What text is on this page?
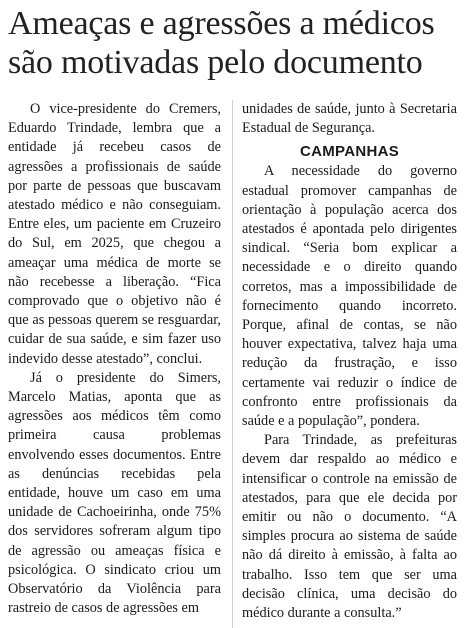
Ameaças e agressões a médicos
são motivadas pelo documento

O vice-presidente do Cremers, Eduardo Trindade, lembra que a entidade já recebeu casos de agressões a profissionais de saúde por parte de pessoas que buscavam atestado médico e não conseguiam. Entre eles, um paciente em Cruzeiro do Sul, em 2025, que chegou a ameaçar uma médica de morte se não recebesse a liberação. “Fica comprovado que o objetivo não é que as pessoas querem se resguardar, cuidar de sua saúde, e sim fazer uso indevido desse atestado”, conclui.

Já o presidente do Simers, Marcelo Matias, aponta que as agressões aos médicos têm como primeira causa problemas envolvendo esses documentos. Entre as denúncias recebidas pela entidade, houve um caso em uma unidade de Cachoeirinha, onde 75% dos servidores sofreram algum tipo de agressão ou ameaças física e psicológica. O sindicato criou um Observatório da Violência para rastreio de casos de agressões em

unidades de saúde, junto à Secretaria Estadual de Segurança.

CAMPANHAS

A necessidade do governo estadual promover campanhas de orientação à população acerca dos atestados é apontada pelo dirigentes sindical. “Seria bom explicar a necessidade e o direito quando corretos, mas a impossibilidade de fornecimento quando incorreto. Porque, afinal de contas, se não houver expectativa, talvez haja uma redução da frustração, e isso certamente vai reduzir o índice de confronto entre profissionais da saúde e a população”, pondera.

Para Trindade, as prefeituras devem dar respaldo ao médico e intensificar o controle na emissão de atestados, para que ele decida por emitir ou não o documento. “A simples procura ao sistema de saúde não dá direito à emissão, à falta ao trabalho. Isso tem que ser uma decisão clínica, uma decisão do médico durante a consulta.”
